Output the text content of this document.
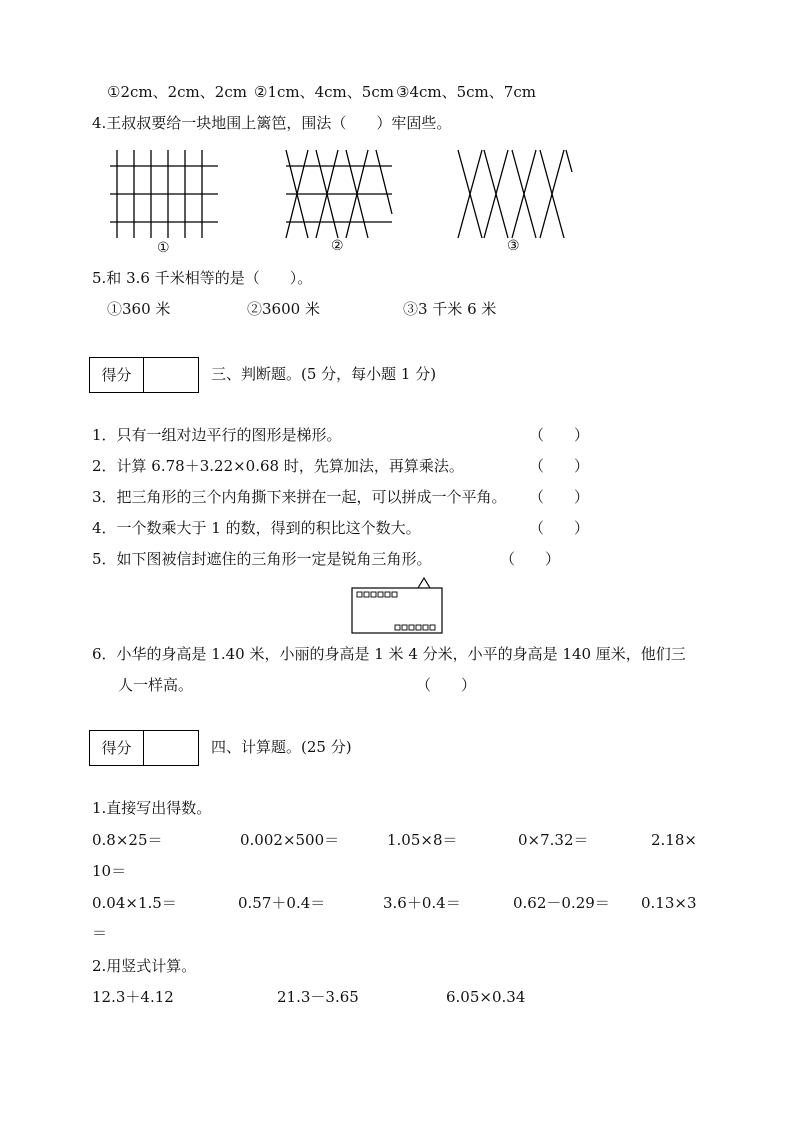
①2cm、2cm、2cm ②1cm、4cm、5cm ③4cm、5cm、7cm
4.王叔叔要给一块地围上篱笆，围法（　　）牢固些。
①	②	③
5.和 3.6 千米相等的是（　　）。
①360 米	②3600 米	③3 千米 6 米
得分	三、判断题。(5 分，每小题 1 分)
1．只有一组对边平行的图形是梯形。	（　　）
2．计算 6.78＋3.22×0.68 时，先算加法，再算乘法。	（　　）
3．把三角形的三个内角撕下来拼在一起，可以拼成一个平角。 （　　）
4．一个数乘大于 1 的数，得到的积比这个数大。	（　　）
5．如下图被信封遮住的三角形一定是锐角三角形。	（　　）
6．小华的身高是 1.40 米，小丽的身高是 1 米 4 分米，小平的身高是 140 厘米，他们三
人一样高。	（　　）
得分	四、计算题。(25 分)
1.直接写出得数。
0.8×25＝	0.002×500＝	1.05×8＝	0×7.32＝	2.18×
10＝
0.04×1.5＝	0.57＋0.4＝	3.6＋0.4＝	0.62－0.29＝ 0.13×3
＝
2.用竖式计算。
12.3＋4.12	21.3－3.65	6.05×0.34
